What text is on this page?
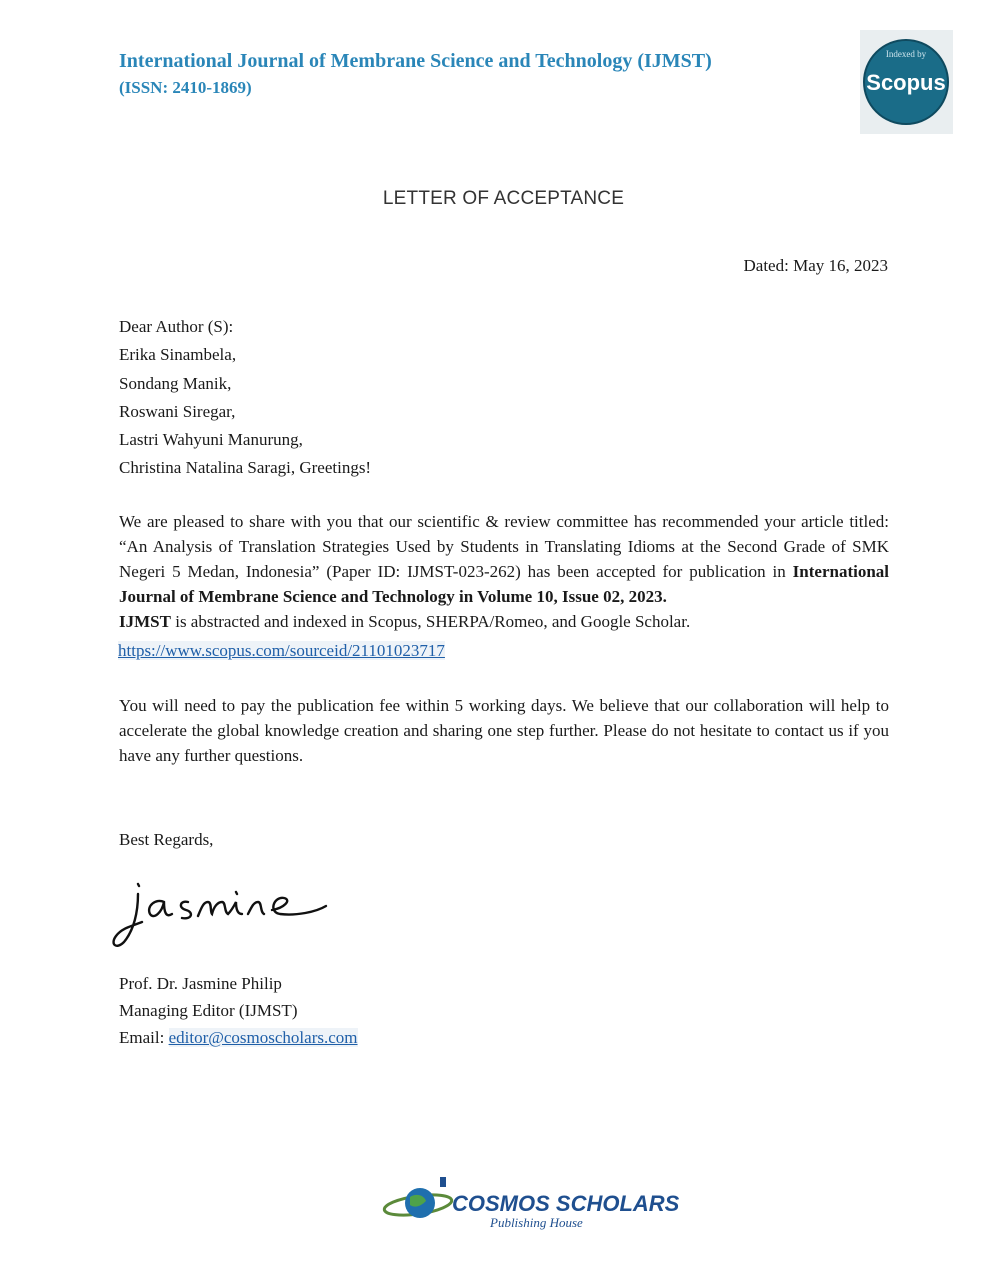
International Journal of Membrane Science and Technology (IJMST)
(ISSN: 2410-1869)
Indexed by
Scopus
LETTER OF ACCEPTANCE
Dated: May 16, 2023
Dear Author (S):
Erika Sinambela,
Sondang Manik,
Roswani Siregar,
Lastri Wahyuni Manurung,
Christina Natalina Saragi, Greetings!
We are pleased to share with you that our scientific & review committee has recommended your article titled: “An Analysis of Translation Strategies Used by Students in Translating Idioms at the Second Grade of SMK Negeri 5 Medan, Indonesia” (Paper ID: IJMST-023-262) has been accepted for publication in International Journal of Membrane Science and Technology in Volume 10, Issue 02, 2023.
IJMST is abstracted and indexed in Scopus, SHERPA/Romeo, and Google Scholar.
https://www.scopus.com/sourceid/21101023717
You will need to pay the publication fee within 5 working days. We believe that our collaboration will help to accelerate the global knowledge creation and sharing one step further. Please do not hesitate to contact us if you have any further questions.
Best Regards,
Prof. Dr. Jasmine Philip
Managing Editor (IJMST)
Email: editor@cosmoscholars.com
COSMOS SCHOLARS
Publishing House
